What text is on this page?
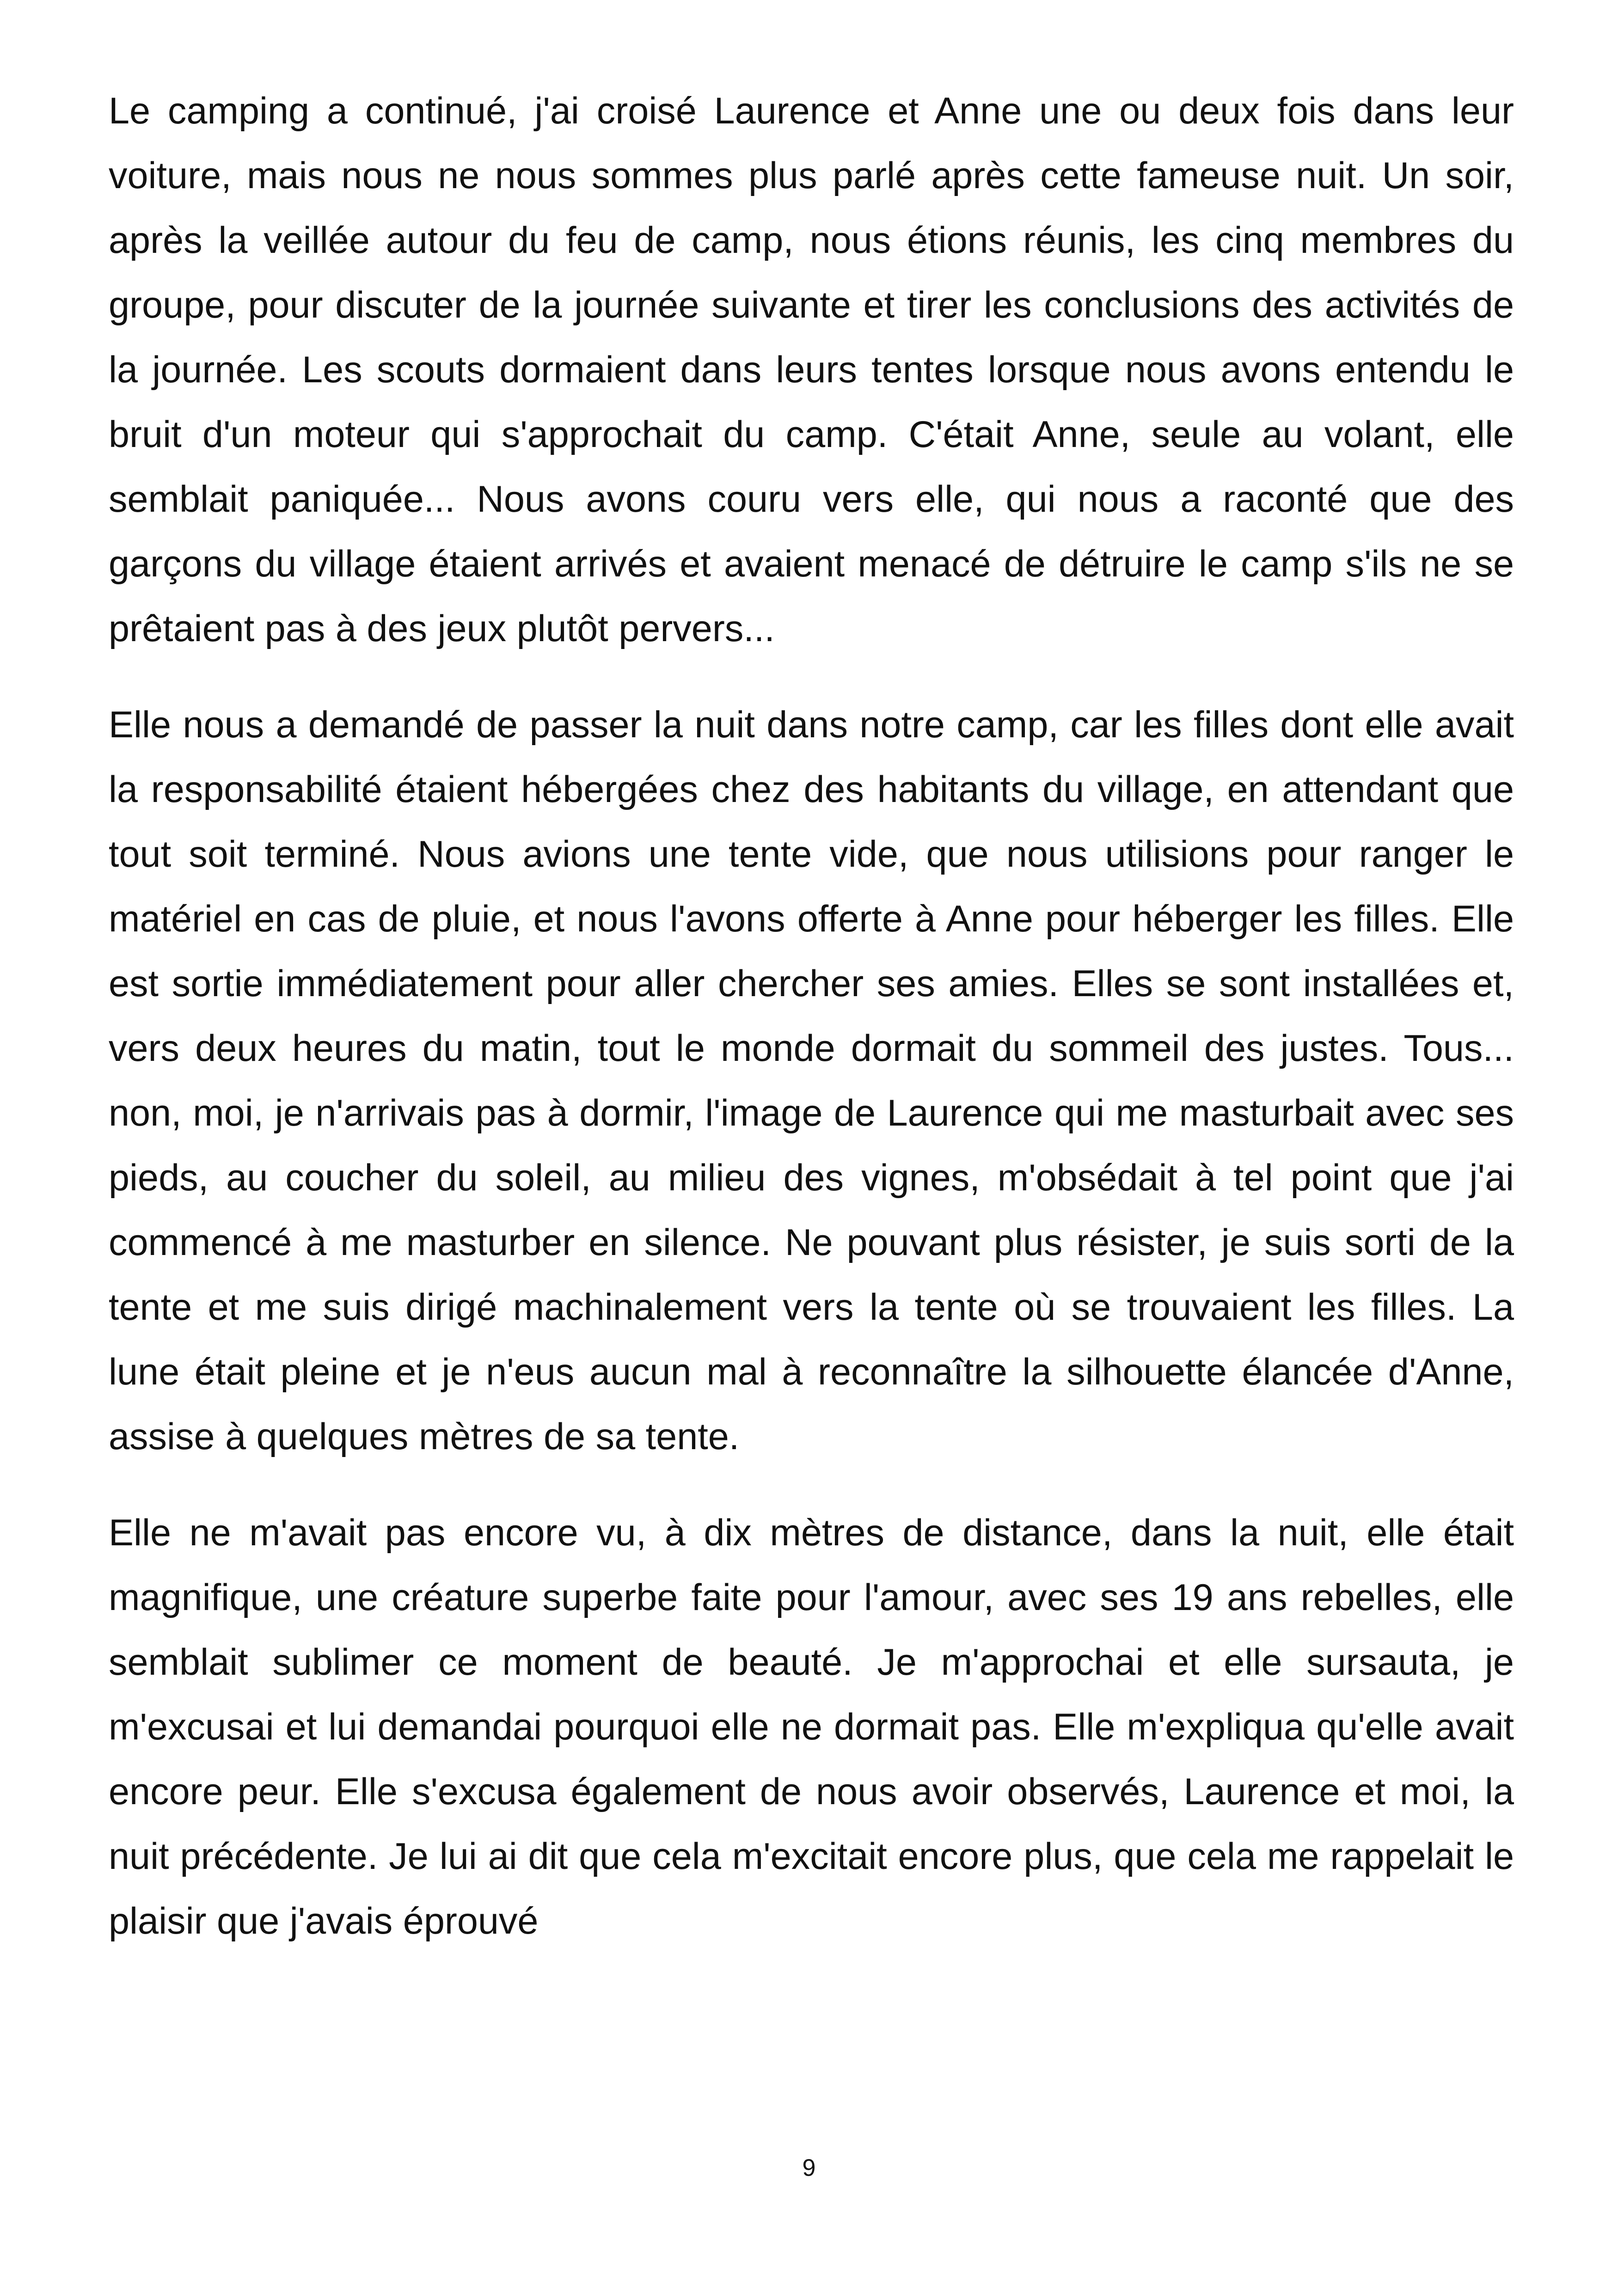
Le camping a continué, j'ai croisé Laurence et Anne une ou deux fois dans leur voiture, mais nous ne nous sommes plus parlé après cette fameuse nuit. Un soir, après la veillée autour du feu de camp, nous étions réunis, les cinq membres du groupe, pour discuter de la journée suivante et tirer les conclusions des activités de la journée. Les scouts dormaient dans leurs tentes lorsque nous avons entendu le bruit d'un moteur qui s'approchait du camp. C'était Anne, seule au volant, elle semblait paniquée... Nous avons couru vers elle, qui nous a raconté que des garçons du village étaient arrivés et avaient menacé de détruire le camp s'ils ne se prêtaient pas à des jeux plutôt pervers...

Elle nous a demandé de passer la nuit dans notre camp, car les filles dont elle avait la responsabilité étaient hébergées chez des habitants du village, en attendant que tout soit terminé. Nous avions une tente vide, que nous utilisions pour ranger le matériel en cas de pluie, et nous l'avons offerte à Anne pour héberger les filles. Elle est sortie immédiatement pour aller chercher ses amies. Elles se sont installées et, vers deux heures du matin, tout le monde dormait du sommeil des justes. Tous... non, moi, je n'arrivais pas à dormir, l'image de Laurence qui me masturbait avec ses pieds, au coucher du soleil, au milieu des vignes, m'obsédait à tel point que j'ai commencé à me masturber en silence. Ne pouvant plus résister, je suis sorti de la tente et me suis dirigé machinalement vers la tente où se trouvaient les filles. La lune était pleine et je n'eus aucun mal à reconnaître la silhouette élancée d'Anne, assise à quelques mètres de sa tente.

Elle ne m'avait pas encore vu, à dix mètres de distance, dans la nuit, elle était magnifique, une créature superbe faite pour l'amour, avec ses 19 ans rebelles, elle semblait sublimer ce moment de beauté. Je m'approchai et elle sursauta, je m'excusai et lui demandai pourquoi elle ne dormait pas. Elle m'expliqua qu'elle avait encore peur. Elle s'excusa également de nous avoir observés, Laurence et moi, la nuit précédente. Je lui ai dit que cela m'excitait encore plus, que cela me rappelait le plaisir que j'avais éprouvé

9
